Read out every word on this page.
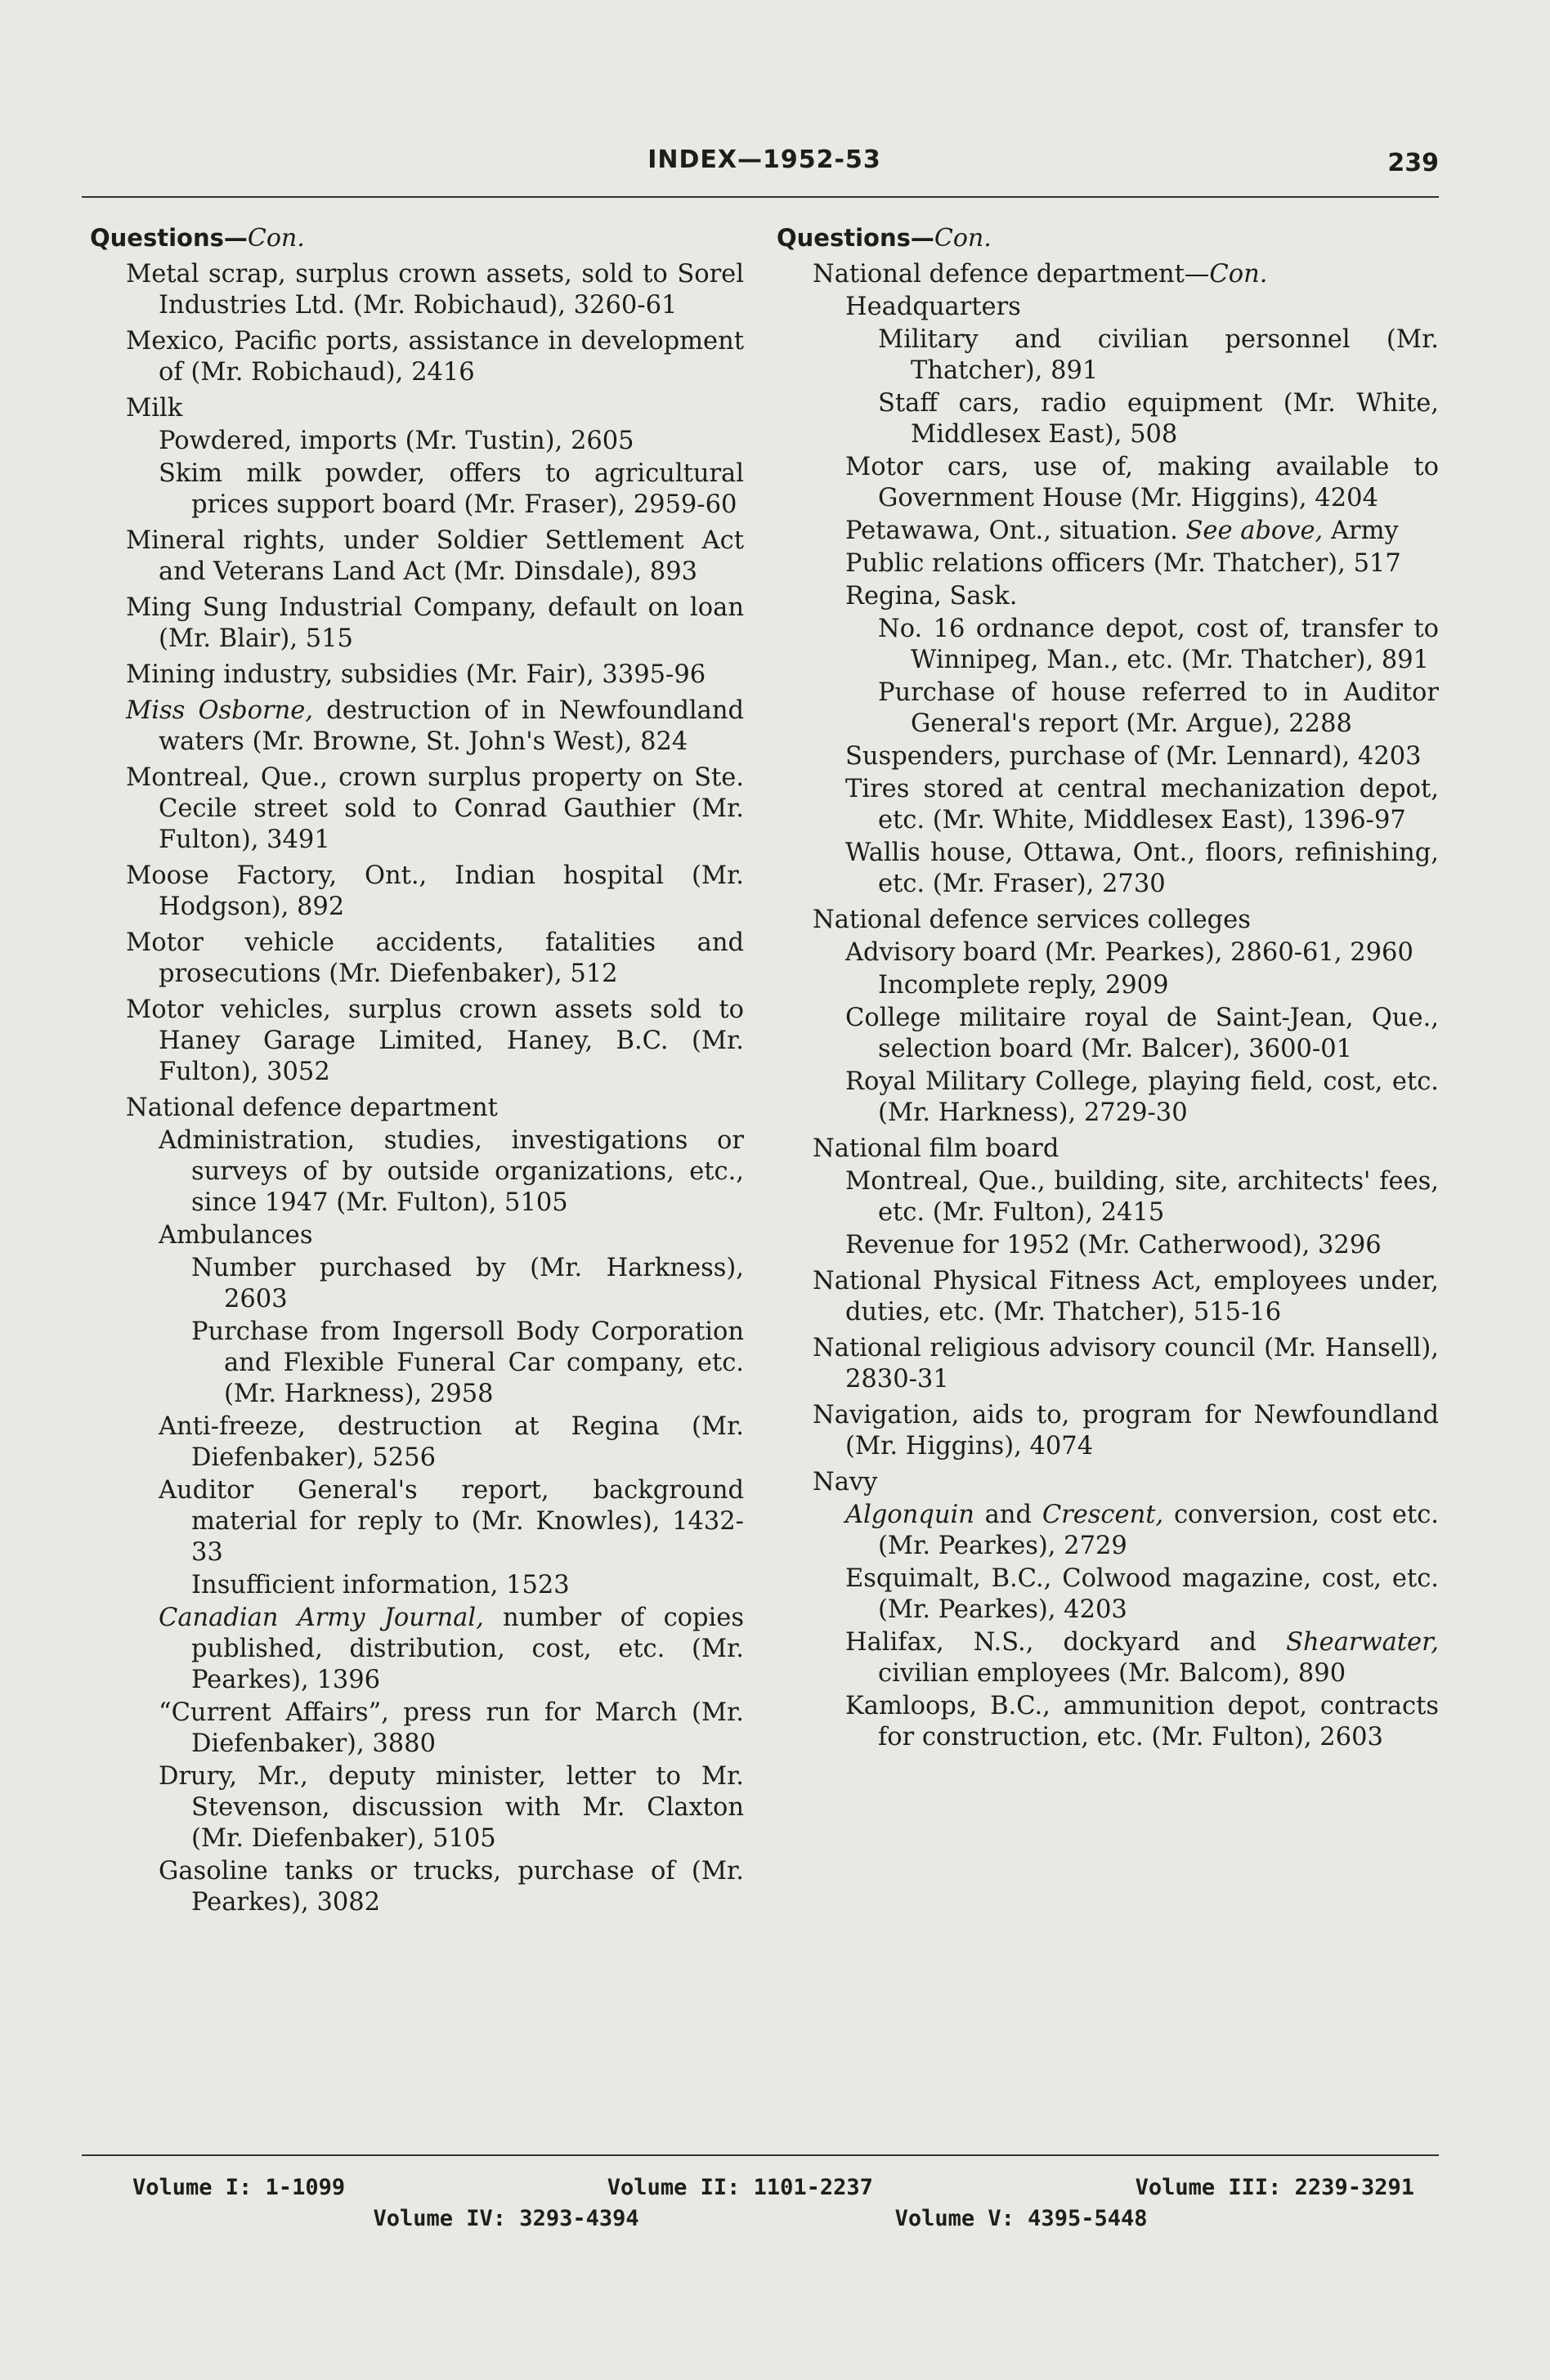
INDEX—1952-53	239
Questions—Con.
Metal scrap, surplus crown assets, sold to Sorel Industries Ltd. (Mr. Robichaud), 3260-61
Mexico, Pacific ports, assistance in development of (Mr. Robichaud), 2416
Milk
Powdered, imports (Mr. Tustin), 2605
Skim milk powder, offers to agricultural prices support board (Mr. Fraser), 2959-60
Mineral rights, under Soldier Settlement Act and Veterans Land Act (Mr. Dinsdale), 893
Ming Sung Industrial Company, default on loan (Mr. Blair), 515
Mining industry, subsidies (Mr. Fair), 3395-96
Miss Osborne, destruction of in Newfoundland waters (Mr. Browne, St. John's West), 824
Montreal, Que., crown surplus property on Ste. Cecile street sold to Conrad Gauthier (Mr. Fulton), 3491
Moose Factory, Ont., Indian hospital (Mr. Hodgson), 892
Motor vehicle accidents, fatalities and prosecutions (Mr. Diefenbaker), 512
Motor vehicles, surplus crown assets sold to Haney Garage Limited, Haney, B.C. (Mr. Fulton), 3052
National defence department
Administration, studies, investigations or surveys of by outside organizations, etc., since 1947 (Mr. Fulton), 5105
Ambulances
Number purchased by (Mr. Harkness), 2603
Purchase from Ingersoll Body Corporation and Flexible Funeral Car company, etc. (Mr. Harkness), 2958
Anti-freeze, destruction at Regina (Mr. Diefenbaker), 5256
Auditor General's report, background material for reply to (Mr. Knowles), 1432-33
Insufficient information, 1523
Canadian Army Journal, number of copies published, distribution, cost, etc. (Mr. Pearkes), 1396
“Current Affairs”, press run for March (Mr. Diefenbaker), 3880
Drury, Mr., deputy minister, letter to Mr. Stevenson, discussion with Mr. Claxton (Mr. Diefenbaker), 5105
Gasoline tanks or trucks, purchase of (Mr. Pearkes), 3082
Questions—Con.
National defence department—Con.
Headquarters
Military and civilian personnel (Mr. Thatcher), 891
Staff cars, radio equipment (Mr. White, Middlesex East), 508
Motor cars, use of, making available to Government House (Mr. Higgins), 4204
Petawawa, Ont., situation. See above, Army
Public relations officers (Mr. Thatcher), 517
Regina, Sask.
No. 16 ordnance depot, cost of, transfer to Winnipeg, Man., etc. (Mr. Thatcher), 891
Purchase of house referred to in Auditor General's report (Mr. Argue), 2288
Suspenders, purchase of (Mr. Lennard), 4203
Tires stored at central mechanization depot, etc. (Mr. White, Middlesex East), 1396-97
Wallis house, Ottawa, Ont., floors, refinishing, etc. (Mr. Fraser), 2730
National defence services colleges
Advisory board (Mr. Pearkes), 2860-61, 2960
Incomplete reply, 2909
College militaire royal de Saint-Jean, Que., selection board (Mr. Balcer), 3600-01
Royal Military College, playing field, cost, etc. (Mr. Harkness), 2729-30
National film board
Montreal, Que., building, site, architects' fees, etc. (Mr. Fulton), 2415
Revenue for 1952 (Mr. Catherwood), 3296
National Physical Fitness Act, employees under, duties, etc. (Mr. Thatcher), 515-16
National religious advisory council (Mr. Hansell), 2830-31
Navigation, aids to, program for Newfoundland (Mr. Higgins), 4074
Navy
Algonquin and Crescent, conversion, cost etc. (Mr. Pearkes), 2729
Esquimalt, B.C., Colwood magazine, cost, etc. (Mr. Pearkes), 4203
Halifax, N.S., dockyard and Shearwater, civilian employees (Mr. Balcom), 890
Kamloops, B.C., ammunition depot, contracts for construction, etc. (Mr. Fulton), 2603
Volume I: 1-1099	Volume II: 1101-2237	Volume III: 2239-3291
Volume IV: 3293-4394	Volume V: 4395-5448
